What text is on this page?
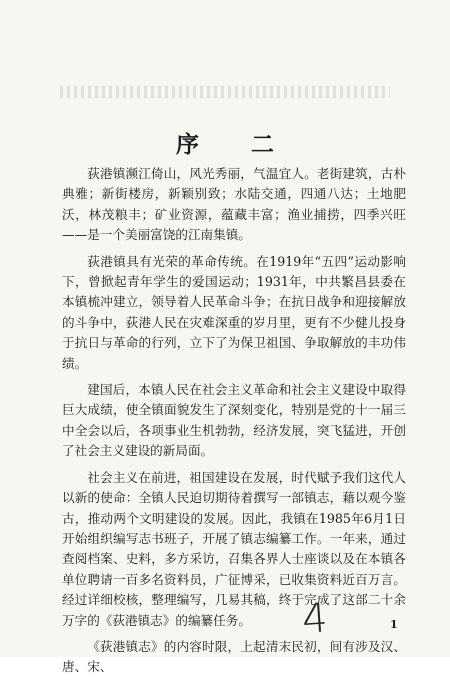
序 二

荻港镇濒江倚山，风光秀丽，气温宜人。老街建筑，古朴典雅；新街楼房，新颖别致；水陆交通，四通八达；土地肥沃，林茂粮丰；矿业资源，蕴藏丰富；渔业捕捞，四季兴旺——是一个美丽富饶的江南集镇。

荻港镇具有光荣的革命传统。在1919年“五四”运动影响下，曾掀起青年学生的爱国运动；1931年，中共繁昌县委在本镇梳冲建立，领导着人民革命斗争；在抗日战争和迎接解放的斗争中，荻港人民在灾难深重的岁月里，更有不少健儿投身于抗日与革命的行列，立下了为保卫祖国、争取解放的丰功伟绩。

建国后，本镇人民在社会主义革命和社会主义建设中取得巨大成绩，使全镇面貌发生了深刻变化，特别是党的十一届三中全会以后，各项事业生机勃勃，经济发展，突飞猛进，开创了社会主义建设的新局面。

社会主义在前进，祖国建设在发展，时代赋予我们这代人以新的使命：全镇人民迫切期待着撰写一部镇志，藉以观今鉴古，推动两个文明建设的发展。因此，我镇在1985年6月1日开始组织编写志书班子，开展了镇志编纂工作。一年来，通过查阅档案、史料，多方采访，召集各界人士座谈以及在本镇各单位聘请一百多名资料员，广征博采，已收集资料近百万言。经过详细校核，整理编写，几易其稿，终于完成了这部二十余万字的《荻港镇志》的编纂任务。

《荻港镇志》的内容时限，上起清末民初，间有涉及汉、唐、宋、

4	1
